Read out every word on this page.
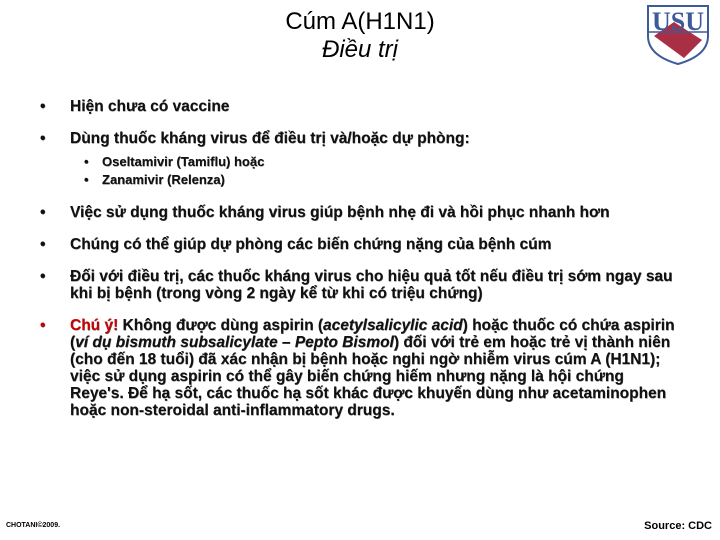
Cúm A(H1N1)
Điều trị
USU
• Hiện chưa có vaccine
• Dùng thuốc kháng virus để điều trị và/hoặc dự phòng:
• Oseltamivir (Tamiflu) hoặc
• Zanamivir (Relenza)
• Việc sử dụng thuốc kháng virus giúp bệnh nhẹ đi và hồi phục nhanh hơn
• Chúng có thể giúp dự phòng các biến chứng nặng của bệnh cúm
• Đối với điều trị, các thuốc kháng virus cho hiệu quả tốt nếu điều trị sớm ngay sau khi bị bệnh (trong vòng 2 ngày kể từ khi có triệu chứng)
• Chú ý! Không được dùng aspirin (acetylsalicylic acid) hoặc thuốc có chứa aspirin (ví dụ bismuth subsalicylate – Pepto Bismol) đối với trẻ em hoặc trẻ vị thành niên (cho đến 18 tuổi) đã xác nhận bị bệnh hoặc nghi ngờ nhiễm virus cúm A (H1N1); việc sử dụng aspirin có thể gây biến chứng hiếm nhưng nặng là hội chứng Reye's. Để hạ sốt, các thuốc hạ sốt khác được khuyến dùng như acetaminophen hoặc non-steroidal anti-inflammatory drugs.
CHOTANI©2009.	Source: CDC
